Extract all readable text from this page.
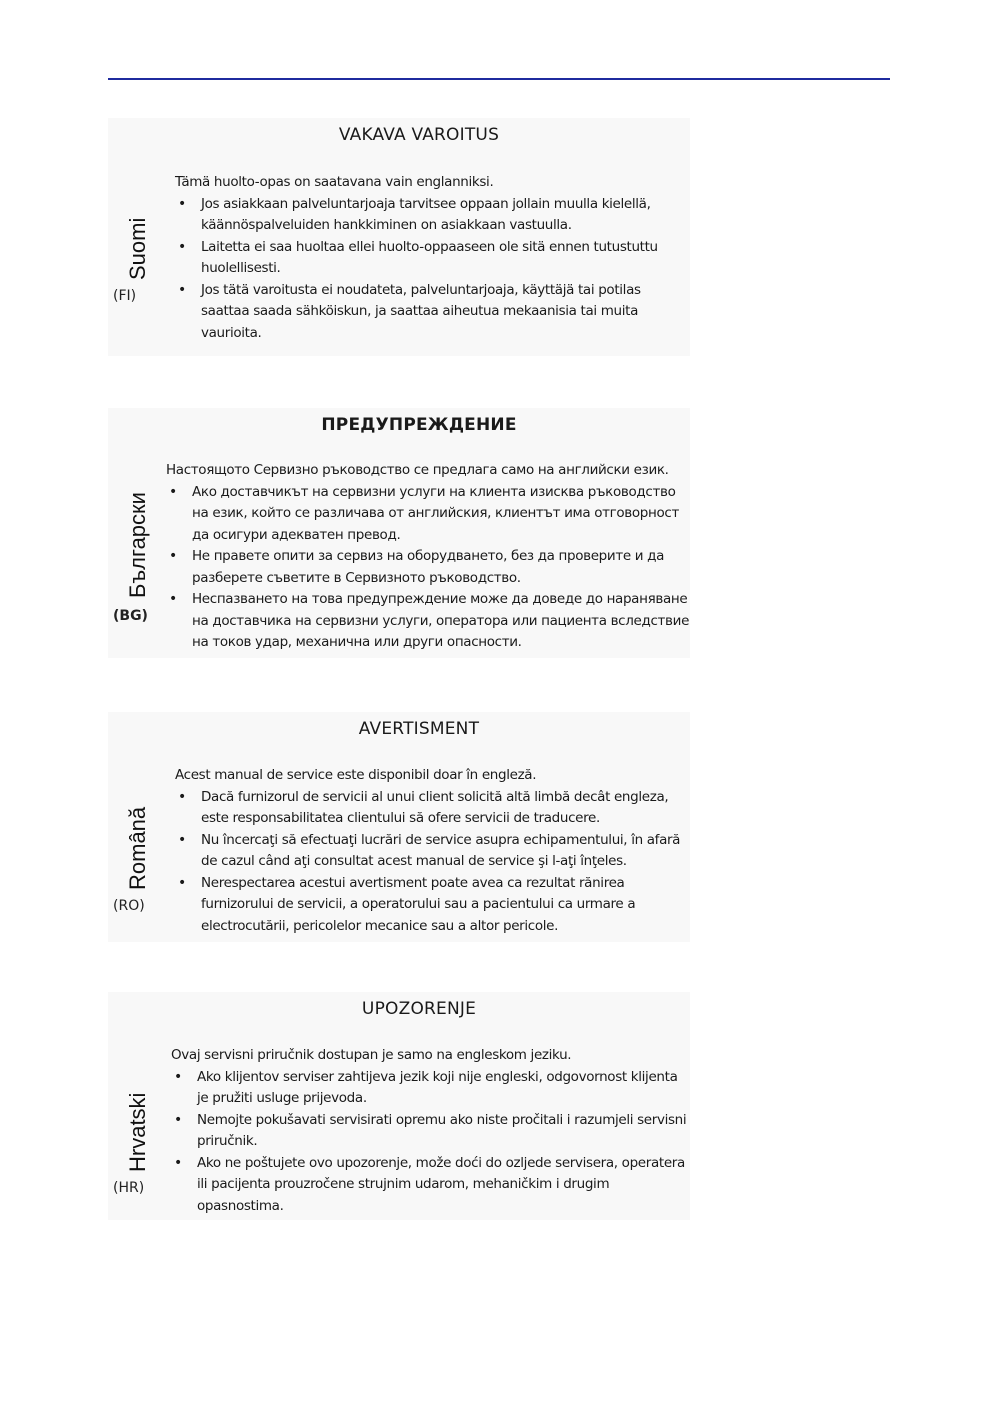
Suomi
(FI)
VAKAVA VAROITUS

Tämä huolto-opas on saatavana vain englanniksi.

• Jos asiakkaan palveluntarjoaja tarvitsee oppaan jollain muulla kielellä, käännöspalveluiden hankkiminen on asiakkaan vastuulla.
• Laitetta ei saa huoltaa ellei huolto-oppaaseen ole sitä ennen tutustuttu huolellisesti.
• Jos tätä varoitusta ei noudateta, palveluntarjoaja, käyttäjä tai potilas saattaa saada sähköiskun, ja saattaa aiheutua mekaanisia tai muita vaurioita.
Български
(BG)
ПРЕДУПРЕЖДЕНИЕ

Настоящото Сервизно ръководство се предлага само на английски език.

• Ако доставчикът на сервизни услуги на клиента изисква ръководство на език, който се различава от английския, клиентът има отговорност да осигури адекватен превод.
• Не правете опити за сервиз на оборудването, без да проверите и да разберете съветите в Сервизното ръководство.
• Неспазването на това предупреждение може да доведе до нараняване на доставчика на сервизни услуги, оператора или пациента вследствие на токов удар, механична или други опасности.
Română
(RO)
AVERTISMENT

Acest manual de service este disponibil doar în engleză.

• Dacă furnizorul de servicii al unui client solicită altă limbă decât engleza, este responsabilitatea clientului să ofere servicii de traducere.
• Nu încercaţi să efectuaţi lucrări de service asupra echipamentului, în afară de cazul când aţi consultat acest manual de service şi l-aţi înţeles.
• Nerespectarea acestui avertisment poate avea ca rezultat rănirea furnizorului de servicii, a operatorului sau a pacientului ca urmare a electrocutării, pericolelor mecanice sau a altor pericole.
Hrvatski
(HR)
UPOZORENJE

Ovaj servisni priručnik dostupan je samo na engleskom jeziku.

• Ako klijentov serviser zahtijeva jezik koji nije engleski, odgovornost klijenta je pružiti usluge prijevoda.
• Nemojte pokušavati servisirati opremu ako niste pročitali i razumjeli servisni priručnik.
• Ako ne poštujete ovo upozorenje, može doći do ozljede servisera, operatera ili pacijenta prouzročene strujnim udarom, mehaničkim i drugim opasnostima.
